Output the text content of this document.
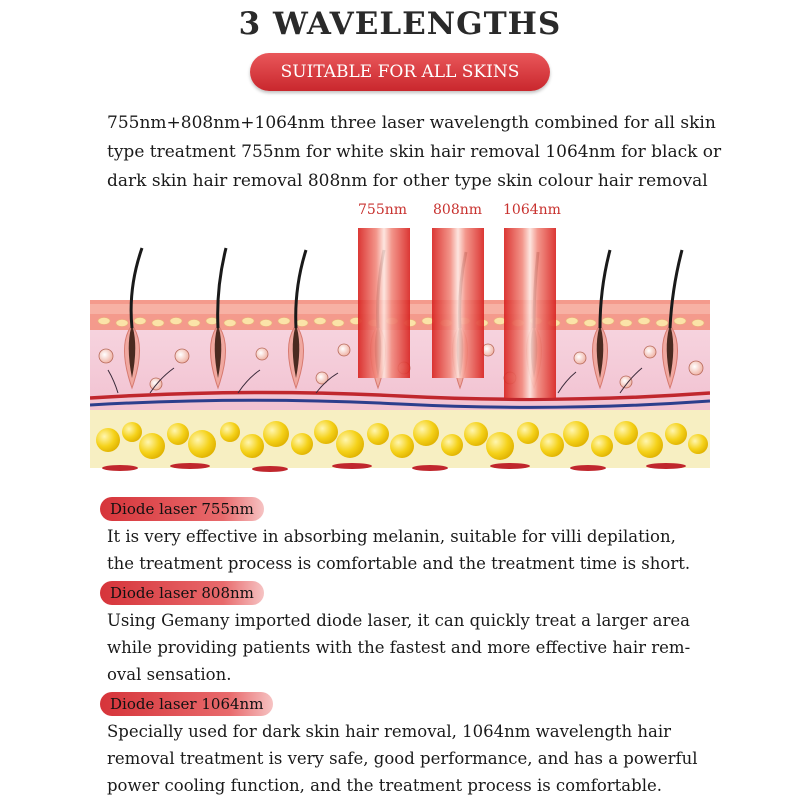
3 WAVELENGTHS
SUITABLE FOR ALL SKINS
755nm+808nm+1064nm three laser wavelength combined for all skin
type treatment 755nm for white skin hair removal 1064nm for black or
dark skin hair removal 808nm for other type skin colour hair removal
755nm 808nm 1064nm
Diode laser 755nm
It is very effective in absorbing melanin, suitable for villi depilation,
the treatment process is comfortable and the treatment time is short.
Diode laser 808nm
Using Gemany imported diode laser, it can quickly treat a larger area
while providing patients with the fastest and more effective hair rem-
oval sensation.
Diode laser 1064nm
Specially used for dark skin hair removal, 1064nm wavelength hair
removal treatment is very safe, good performance, and has a powerful
power cooling function, and the treatment process is comfortable.
